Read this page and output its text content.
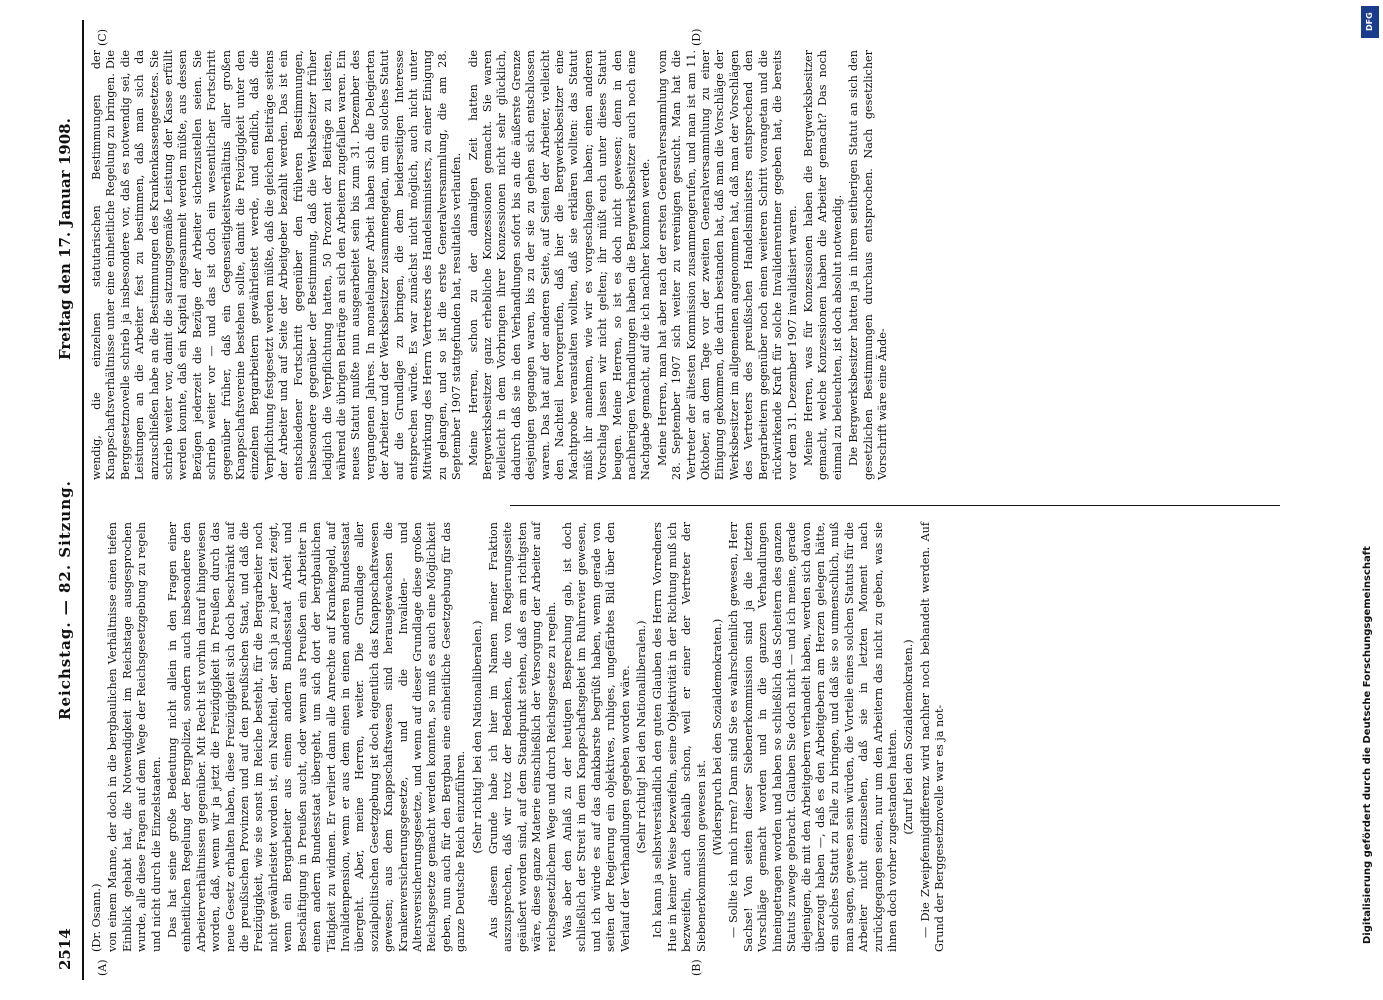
2514
Reichstag. — 82. Sitzung.
Freitag den 17. Januar 1908.
(A)	(B)
(C)	(D)

(Dr. Osann.) von einem Manne, der doch in die bergbaulichen Verhältnisse einen tiefen Einblick gehabt hat, die Notwendigkeit im Reichstage ausgesprochen wurde, alle diese Fragen auf dem Wege der Reichsgesetzgebung zu regeln und nicht durch die Einzelstaaten. Das hat seine große Bedeutung nicht allein in den Fragen einer einheitlichen Regelung der Bergpolizei, sondern auch insbesondere den Arbeiterverhältnissen gegenüber. Mit Recht ist vorhin darauf hingewiesen worden, daß, wenn wir ja jetzt die Freizügigkeit in Preußen durch das neue Gesetz erhalten haben, diese Freizügigkeit sich doch beschränkt auf die preußischen Provinzen und auf den preußischen Staat, und daß die Freizügigkeit, wie sie sonst im Reiche besteht, für die Bergarbeiter noch nicht gewährleistet worden ist, ein Nachteil, der sich ja zu jeder Zeit zeigt, wenn ein Bergarbeiter aus einem andern Bundesstaat Arbeit und Beschäftigung in Preußen sucht, oder wenn aus Preußen ein Arbeiter in einen andern Bundesstaat übergeht, um sich dort der bergbaulichen Tätigkeit zu widmen. Er verliert dann alle Anrechte auf Krankengeld, auf Invalidenpension, wenn er aus dem einen in einen anderen Bundesstaat übergeht. Aber, meine Herren, weiter. Die Grundlage aller sozialpolitischen Gesetzgebung ist doch eigentlich das Knappschaftswesen gewesen; aus dem Knappschaftswesen sind herausgewachsen die Krankenversicherungsgesetze, und die Invaliden- und Altersversicherungsgesetze, und wenn auf dieser Grundlage diese großen Reichsgesetze gemacht werden konnten, so muß es auch eine Möglichkeit geben, nun auch für den Bergbau eine einheitliche Gesetzgebung für das ganze Deutsche Reich einzuführen. (Sehr richtig! bei den Nationalliberalen.) Aus diesem Grunde habe ich hier im Namen meiner Fraktion auszusprechen, daß wir trotz der Bedenken, die von Regierungsseite geäußert worden sind, auf dem Standpunkt stehen, daß es am richtigsten wäre, diese ganze Materie einschließlich der Versorgung der Arbeiter auf reichsgesetzlichem Wege und durch Reichsgesetze zu regeln. Was aber den Anlaß zu der heutigen Besprechung gab, ist doch schließlich der Streit in dem Knappschaftsgebiet im Ruhrrevier gewesen, und ich würde es auf das dankbarste begrüßt haben, wenn gerade von seiten der Regierung ein objektives, ruhiges, ungefärbtes Bild über den Verlauf der Verhandlungen gegeben worden wäre. (Sehr richtig! bei den Nationalliberalen.) Ich kann ja selbstverständlich den guten Glauben des Herrn Vorredners Hue in keiner Weise bezweifeln, seine Objektivität in der Richtung muß ich bezweifeln, auch deshalb schon, weil er einer der Vertreter der Siebenerkommission gewesen ist.

(Widerspruch bei den Sozialdemokraten.) — Sollte ich mich irren? Dann sind Sie es wahrscheinlich gewesen, Herr Sachse! Von seiten dieser Siebenerkommission sind ja die letzten Vorschläge gemacht worden und in die ganzen Verhandlungen hineingetragen worden und haben so schließlich das Scheitern des ganzen Statuts zuwege gebracht. Glauben Sie doch nicht — und ich meine, gerade diejenigen, die mit den Arbeitgebern verhandelt haben, werden sich davon überzeugt haben —, daß es den Arbeitgebern am Herzen gelegen hätte, ein solches Statut zu Falle zu bringen, und daß sie so unmenschlich, muß man sagen, gewesen sein würden, die Vorteile eines solchen Statuts für die Arbeiter nicht einzusehen, daß sie in letzten Moment nach zurückgegangen seien, nur um den Arbeitern das nicht zu geben, was sie ihnen doch vorher zugestanden hatten. (Zuruf bei den Sozialdemokraten.) — Die Zweipfennigdifferenz wird nachher noch behandelt werden. Auf Grund der Berggesetznovelle war es ja not-

wendig, die einzelnen statutarischen Bestimmungen der Knappschaftsverhältnisse unter eine einheitliche Regelung zu bringen. Die Berggesetznovelle schrieb ja insbesondere vor, daß es notwendig sei, die Leistungen an die Arbeiter fest zu bestimmen, daß man sich da anzuschließen habe an die Bestimmungen des Krankenkassengesetzes. Sie schrieb weiter vor, damit die satzungsgemäße Leistung der Kasse erfüllt werden konnte, daß ein Kapital angesammelt werden müßte, aus dessen Bezügen jederzeit die Bezüge der Arbeiter sicherzustellen seien. Sie schrieb weiter vor — und das ist doch ein wesentlicher Fortschritt gegenüber früher, daß ein Gegenseitigkeitsverhältnis aller großen Knappschaftsvereine bestehen sollte, damit die Freizügigkeit unter den einzelnen Bergarbeitern gewährleistet werde, und endlich, daß die Verpflichtung festgesetzt werden müßte, daß die gleichen Beiträge seitens der Arbeiter und auf Seite der Arbeitgeber bezahlt werden. Das ist ein entschiedener Fortschritt gegenüber den früheren Bestimmungen, insbesondere gegenüber der Bestimmung, daß die Werksbesitzer früher lediglich die Verpflichtung hatten, 50 Prozent der Beiträge zu leisten, während die übrigen Beiträge an sich den Arbeitern zugefallen waren. Ein neues Statut mußte nun ausgearbeitet sein bis zum 31. Dezember des vergangenen Jahres. In monatelanger Arbeit haben sich die Delegierten der Arbeiter und der Werksbesitzer zusammengetan, um ein solches Statut auf die Grundlage zu bringen, die dem beiderseitigen Interesse entsprechen würde. Es war zunächst nicht möglich, auch nicht unter Mitwirkung des Herrn Vertreters des Handelsministers, zu einer Einigung zu gelangen, und so ist die erste Generalversammlung, die am 28. September 1907 stattgefunden hat, resultatlos verlaufen. Meine Herren, schon zu der damaligen Zeit hatten die Bergwerksbesitzer ganz erhebliche Konzessionen gemacht. Sie waren vielleicht in dem Vorbringen ihrer Konzessionen nicht sehr glücklich, dadurch daß sie in den Verhandlungen sofort bis an die äußerste Grenze desjenigen gegangen waren, bis zu der sie zu gehen sich entschlossen waren. Das hat auf der anderen Seite, auf Seiten der Arbeiter, vielleicht den Nachteil hervorgerufen, daß hier die Bergwerksbesitzer eine Machtprobe veranstalten wollten, daß sie erklären wollten: das Statut müßt ihr annehmen, wie wir es vorgeschlagen haben; einen anderen Vorschlag lassen wir nicht gelten; ihr müßt euch unter dieses Statut beugen. Meine Herren, so ist es doch nicht gewesen; denn in den nachherigen Verhandlungen haben die Bergwerksbesitzer auch noch eine Nachgabe gemacht, auf die ich nachher kommen werde. Meine Herren, man hat aber nach der ersten Generalversammlung vom 28. September 1907 sich weiter zu vereinigen gesucht. Man hat die Vertreter der ältesten Kommission zusammengerufen, und man ist am 11. Oktober, an dem Tage vor der zweiten Generalversammlung zu einer Einigung gekommen, die darin bestanden hat, daß man die Vorschläge der Werksbesitzer im allgemeinen angenommen hat, daß man der Vorschlägen des Vertreters des preußischen Handelsministers entsprechend den Bergarbeitern gegenüber noch einen weiteren Schritt vorangetan und die rückwirkende Kraft für solche Invalidenrentner gegeben hat, die bereits vor dem 31. Dezember 1907 invalidisiert waren. Meine Herren, was für Konzessionen haben die Bergwerksbesitzer gemacht, welche Konzessionen haben die Arbeiter gemacht? Das noch einmal zu beleuchten, ist doch absolut notwendig. Die Bergwerksbesitzer hatten ja in ihrem seitherigen Statut an sich den gesetzlichen Bestimmungen durchaus entsprochen. Nach gesetzlicher Vorschrift wäre eine Ände-

DFG
Digitalisierung gefördert durch die Deutsche Forschungsgemeinschaft
